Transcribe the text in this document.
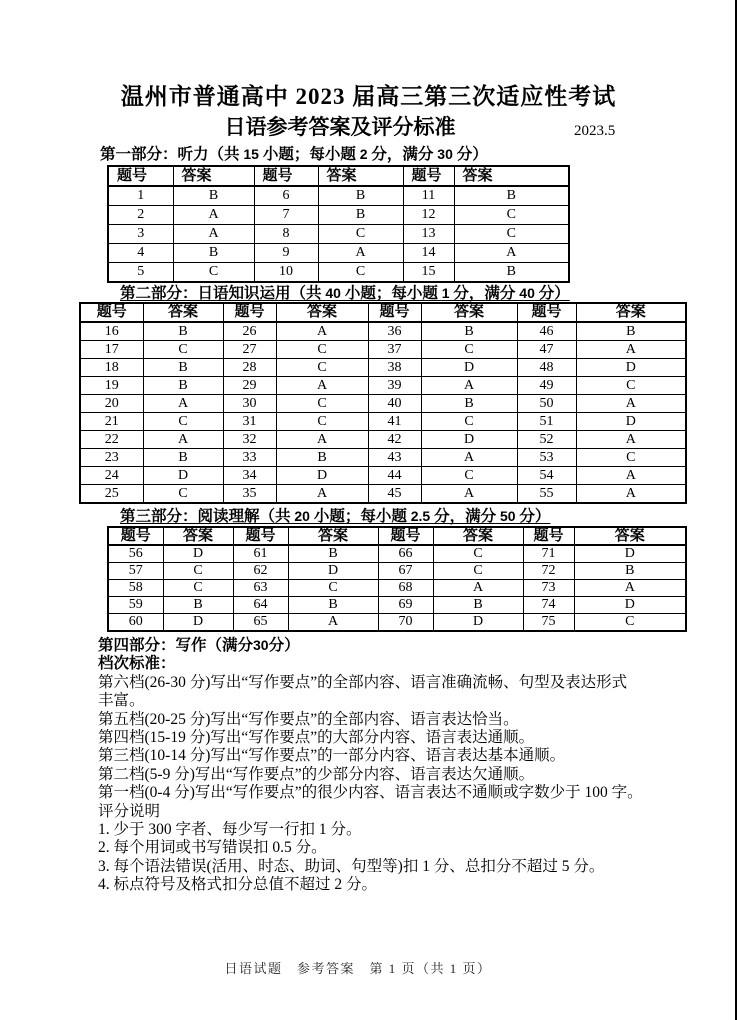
温州市普通高中 2023 届高三第三次适应性考试
日语参考答案及评分标准	2023.5
第一部分：听力（共 15 小题；每小题 2 分，满分 30 分）
题号	答案	题号	答案	题号	答案
1	B	6	B	11	B
2	A	7	B	12	C
3	A	8	C	13	C
4	B	9	A	14	A
5	C	10	C	15	B
第二部分：日语知识运用（共 40 小题；每小题 1 分，满分 40 分）
题号	答案	题号	答案	题号	答案	题号	答案
16	B	26	A	36	B	46	B
17	C	27	C	37	C	47	A
18	B	28	C	38	D	48	D
19	B	29	A	39	A	49	C
20	A	30	C	40	B	50	A
21	C	31	C	41	C	51	D
22	A	32	A	42	D	52	A
23	B	33	B	43	A	53	C
24	D	34	D	44	C	54	A
25	C	35	A	45	A	55	A
第三部分：阅读理解（共 20 小题；每小题 2.5 分，满分 50 分）
题号	答案	题号	答案	题号	答案	题号	答案
56	D	61	B	66	C	71	D
57	C	62	D	67	C	72	B
58	C	63	C	68	A	73	A
59	B	64	B	69	B	74	D
60	D	65	A	70	D	75	C

第四部分：写作（满分30分）

档次标准：

第六档(26-30 分)写出“写作要点”的全部内容、语言准确流畅、句型及表达形式

丰富。

第五档(20-25 分)写出“写作要点”的全部内容、语言表达恰当。

第四档(15-19 分)写出“写作要点”的大部分内容、语言表达通顺。

第三档(10-14 分)写出“写作要点”的一部分内容、语言表达基本通顺。

第二档(5-9 分)写出“写作要点”的少部分内容、语言表达欠通顺。

第一档(0-4 分)写出“写作要点”的很少内容、语言表达不通顺或字数少于 100 字。

评分说明

1. 少于 300 字者、每少写一行扣 1 分。

2. 每个用词或书写错误扣 0.5 分。

3. 每个语法错误(活用、时态、助词、句型等)扣 1 分、总扣分不超过 5 分。

4. 标点符号及格式扣分总值不超过 2 分。

日语试题　参考答案　第 1 页（共 1 页）
